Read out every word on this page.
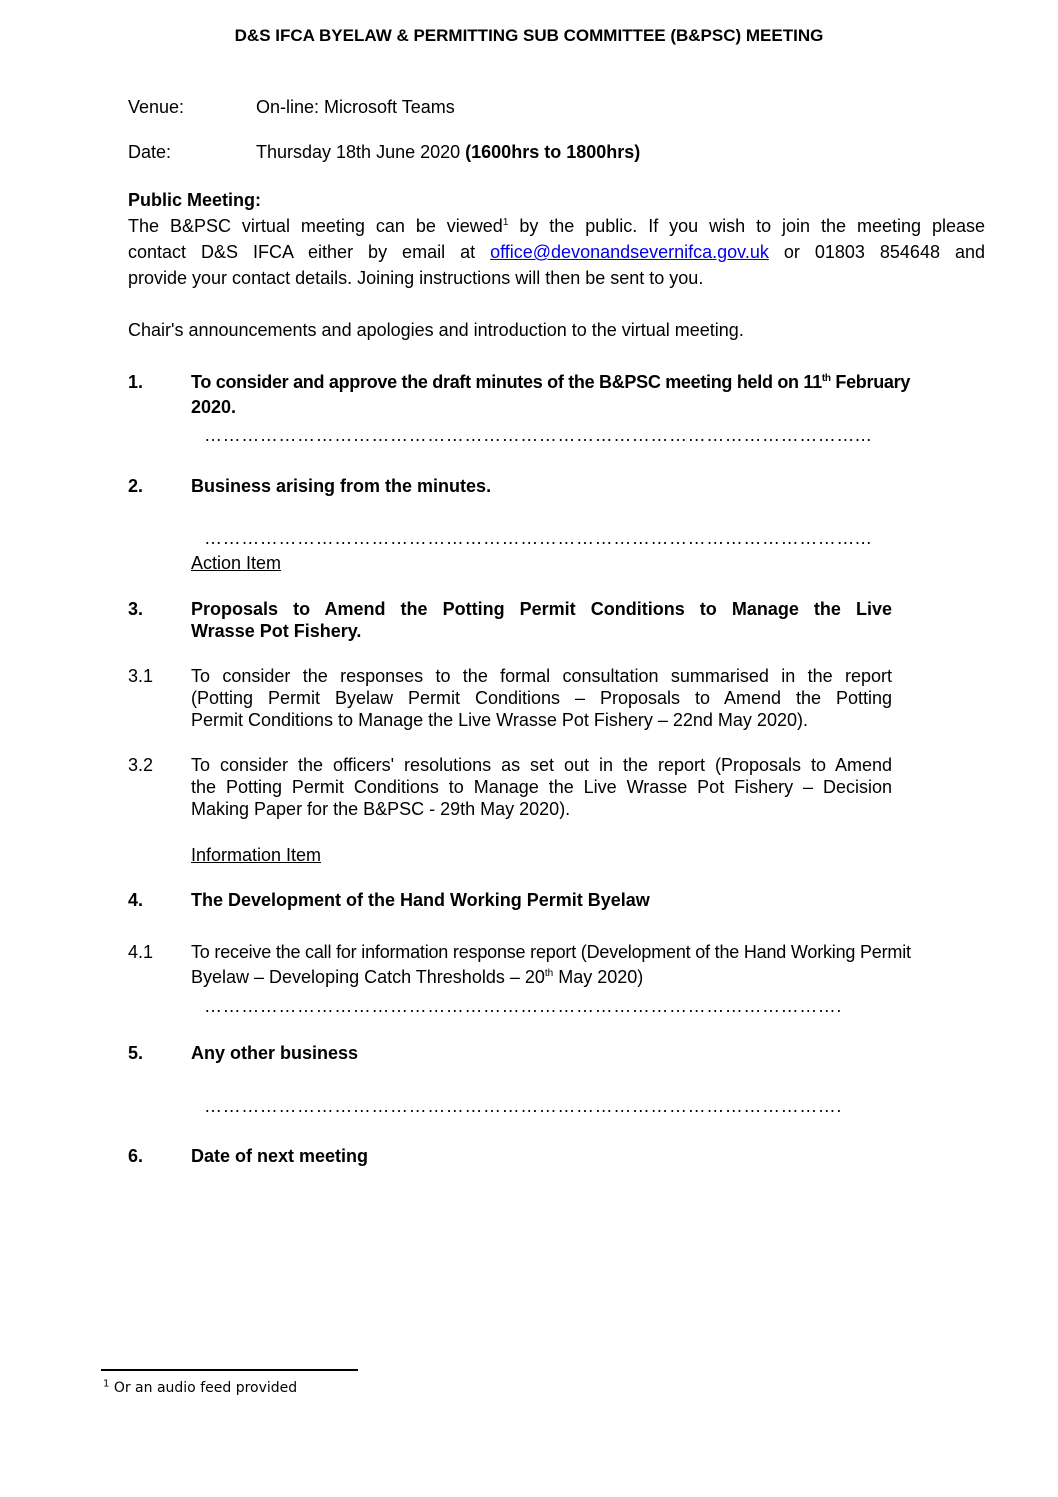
D&S IFCA BYELAW & PERMITTING SUB COMMITTEE (B&PSC) MEETING
Venue:	On-line: Microsoft Teams
Date:	Thursday 18th June 2020 (1600hrs to 1800hrs)
Public Meeting:
The B&PSC virtual meeting can be viewed$^1$ by the public. If you wish to join the meeting please
contact D&S IFCA either by email at office@devonandsevernifca.gov.uk or 01803 854648 and
provide your contact details. Joining instructions will then be sent to you.
Chair's announcements and apologies and introduction to the virtual meeting.
1.	To consider and approve the draft minutes of the B&PSC meeting held on 11th February
2020.
……………………………………………………………………………………………...
2.	Business arising from the minutes.
……………………………………………………………………………………………...
Action Item
3.	Proposals to Amend the Potting Permit Conditions to Manage the Live
Wrasse Pot Fishery.
3.1 To consider the responses to the formal consultation summarised in the report
(Potting Permit Byelaw Permit Conditions – Proposals to Amend the Potting
Permit Conditions to Manage the Live Wrasse Pot Fishery – 22nd May 2020).
3.2 To consider the officers' resolutions as set out in the report (Proposals to Amend
the Potting Permit Conditions to Manage the Live Wrasse Pot Fishery – Decision
Making Paper for the B&PSC - 29th May 2020).
Information Item
4.	The Development of the Hand Working Permit Byelaw
4.1 To receive the call for information response report (Development of the Hand Working Permit
Byelaw – Developing Catch Thresholds – 20th May 2020)
………………………………………………………………………………………….
5.	Any other business
………………………………………………………………………………………….
6.	Date of next meeting
$^1$ Or an audio feed provided
